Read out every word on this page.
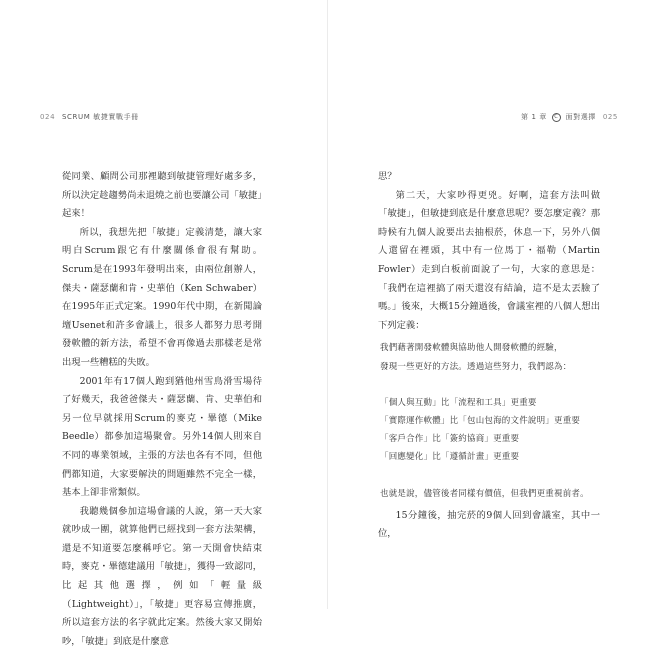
024 SCRUM 敏捷實戰手冊	第 1 章 C 面對選擇 025

從同業、顧問公司那裡聽到敏捷管理好處多多，所以決定趁趨勢尚未退燒之前也要讓公司「敏捷」起來！

所以，我想先把「敏捷」定義清楚，讓大家明白Scrum跟它有什麼關係會很有幫助。Scrum是在1993年發明出來，由兩位創辦人，傑夫・薩瑟蘭和肯・史華伯（Ken Schwaber）在1995年正式定案。1990年代中期，在新聞論壇Usenet和許多會議上，很多人都努力思考開發軟體的新方法，希望不會再像過去那樣老是常出現一些糟糕的失敗。

2001年有17個人跑到猶他州雪鳥滑雪場待了好幾天，我爸爸傑夫・薩瑟蘭、肯、史華伯和另一位早就採用Scrum的麥克・畢德（Mike Beedle）都參加這場聚會。另外14個人則來自不同的專業領域，主張的方法也各有不同，但他們都知道，大家要解決的問題雖然不完全一樣，基本上卻非常類似。

我聽幾個參加這場會議的人說，第一天大家就吵成一團，就算他們已經找到一套方法架構，還是不知道要怎麼稱呼它。第一天開會快結束時，麥克・畢德建議用「敏捷」，獲得一致認同，比起其他選擇，例如「輕量級（Lightweight）」，「敏捷」更容易宣傳推廣，所以這套方法的名字就此定案。然後大家又開始吵，「敏捷」到底是什麼意

思？

第二天，大家吵得更兇。好啊，這套方法叫做「敏捷」，但敏捷到底是什麼意思呢？要怎麼定義？那時候有九個人說要出去抽根菸，休息一下，另外八個人還留在裡頭，其中有一位馬丁・福勒（Martin Fowler）走到白板前面說了一句，大家的意思是：「我們在這裡搞了兩天還沒有結論，這不是太丟臉了嗎。」後來，大概15分鐘過後，會議室裡的八個人想出下列定義：

我們藉著開發軟體與協助他人開發軟體的經驗，
發現一些更好的方法。透過這些努力，我們認為：
「個人與互動」比「流程和工具」更重要
「實際運作軟體」比「包山包海的文件說明」更重要
「客戶合作」比「簽約協商」更重要
「回應變化」比「遵循計畫」更重要
也就是說，儘管後者同樣有價值，但我們更重視前者。

15分鐘後，抽完菸的9個人回到會議室，其中一位，
